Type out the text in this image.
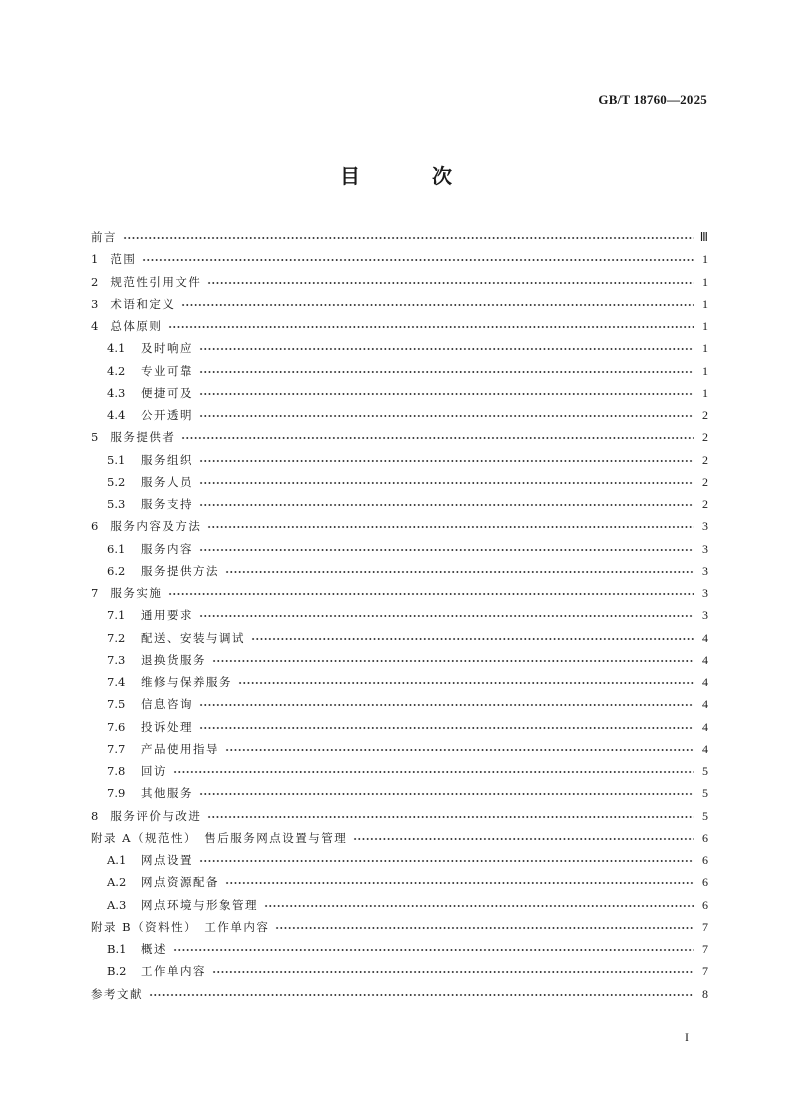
GB/T 18760—2025
目　次
前言	Ⅲ
1 范围	1
2 规范性引用文件	1
3 术语和定义	1
4 总体原则	1
4.1	及时响应	1
4.2	专业可靠	1
4.3	便捷可及	1
4.4	公开透明	2
5 服务提供者	2
5.1	服务组织	2
5.2	服务人员	2
5.3	服务支持	2
6 服务内容及方法	3
6.1	服务内容	3
6.2	服务提供方法	3
7 服务实施	3
7.1	通用要求	3
7.2	配送、安装与调试	4
7.3	退换货服务	4
7.4	维修与保养服务	4
7.5	信息咨询	4
7.6	投诉处理	4
7.7	产品使用指导	4
7.8	回访	5
7.9	其他服务	5
8 服务评价与改进	5
附录 A（规范性）　售后服务网点设置与管理	6
A.1 网点设置	6
A.2 网点资源配备	6
A.3 网点环境与形象管理	6
附录 B（资料性）　工作单内容	7
B.1 概述	7
B.2 工作单内容	7
参考文献	8
I
